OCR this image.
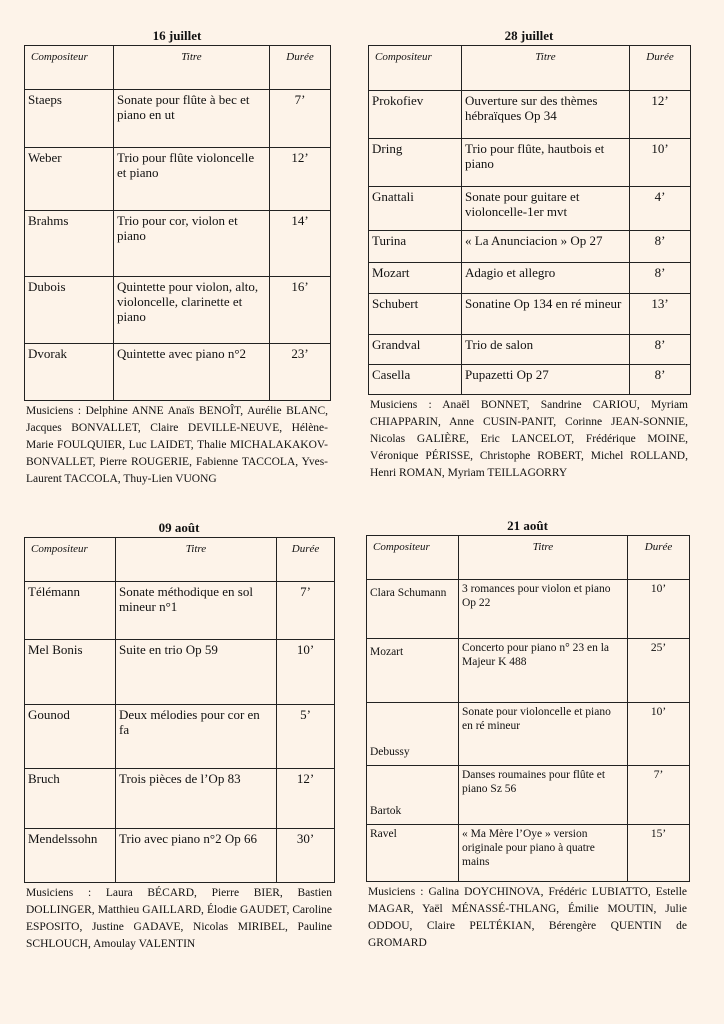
16 juillet
Compositeur	Titre	Durée
Staeps	Sonate pour flûte à bec et piano en ut	7’
Weber	Trio pour flûte violoncelle et piano	12’
Brahms	Trio pour cor, violon et piano	14’
Dubois	Quintette pour violon, alto, violoncelle, clarinette et piano	16’
Dvorak	Quintette avec piano n°2	23’
Musiciens : Delphine ANNE Anaïs BENOÎT, Aurélie BLANC, Jacques BONVALLET, Claire DEVILLE-NEUVE, Hélène-Marie FOULQUIER, Luc LAIDET, Thalie MICHALAKAKOV-BONVALLET, Pierre ROUGERIE, Fabienne TACCOLA, Yves-Laurent TACCOLA, Thuy-Lien VUONG
28 juillet
Compositeur	Titre	Durée
Prokofiev	Ouverture sur des thèmes hébraïques Op 34	12’
Dring	Trio pour flûte, hautbois et piano	10’
Gnattali	Sonate pour guitare et violoncelle-1er mvt	4’
Turina	« La Anunciacion » Op 27	8’
Mozart	Adagio et allegro	8’
Schubert	Sonatine Op 134 en ré mineur	13’
Grandval	Trio de salon	8’
Casella	Pupazetti Op 27	8’
Musiciens : Anaël BONNET, Sandrine CARIOU, Myriam CHIAPPARIN, Anne CUSIN-PANIT, Corinne JEAN-SONNIE, Nicolas GALIÈRE, Eric LANCELOT, Frédérique MOINE, Véronique PÉRISSE, Christophe ROBERT, Michel ROLLAND, Henri ROMAN, Myriam TEILLAGORRY
09 août
Compositeur	Titre	Durée
Télémann	Sonate méthodique en sol mineur n°1	7’
Mel Bonis	Suite en trio Op 59	10’
Gounod	Deux mélodies pour cor en fa	5’
Bruch	Trois pièces de l’Op 83	12’
Mendelssohn	Trio avec piano n°2 Op 66	30’
Musiciens : Laura BÉCARD, Pierre BIER, Bastien DOLLINGER, Matthieu GAILLARD, Élodie GAUDET, Caroline ESPOSITO, Justine GADAVE, Nicolas MIRIBEL, Pauline SCHLOUCH, Amoulay VALENTIN
21 août
Compositeur	Titre	Durée
Clara Schumann	3 romances pour violon et piano Op 22	10’
Mozart	Concerto pour piano n° 23 en la Majeur K 488	25’
Debussy	Sonate pour violoncelle et piano en ré mineur	10’
Bartok	Danses roumaines pour flûte et piano Sz 56	7’
Ravel	« Ma Mère l’Oye » version originale pour piano à quatre mains	15’
Musiciens : Galina DOYCHINOVA, Frédéric LUBIATTO, Estelle MAGAR, Yaël MÉNASSÉ-THLANG, Émilie MOUTIN, Julie ODDOU, Claire PELTÉKIAN, Bérengère QUENTIN de GROMARD
